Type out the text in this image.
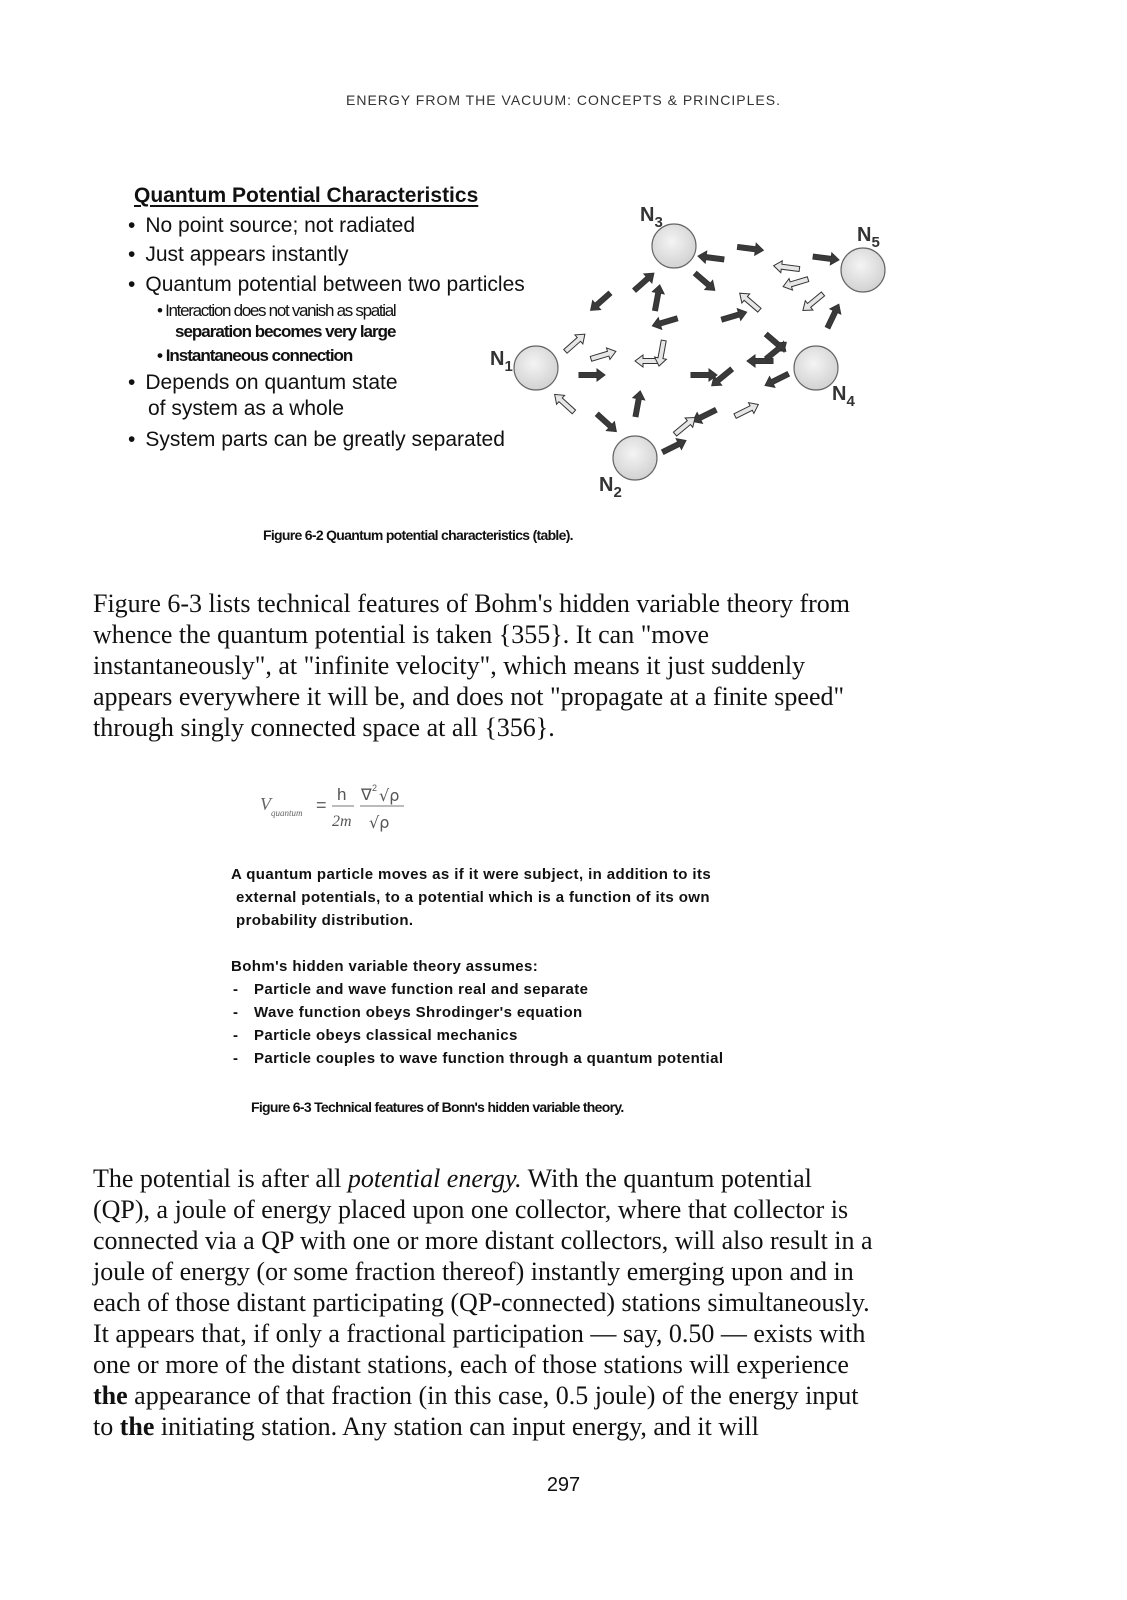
ENERGY FROM THE VACUUM: CONCEPTS & PRINCIPLES.
Quantum Potential Characteristics
• No point source; not radiated
• Just appears instantly
• Quantum potential between two particles
• Interaction does not vanish as spatial
separation becomes very large
• Instantaneous connection
• Depends on quantum state
of system as a whole
• System parts can be greatly separated
$N_3$
$N_5$
$N_1$
$N_4$
$N_2$
Figure 6-2 Quantum potential characteristics (table).

Figure 6-3 lists technical features of Bohm's hidden variable theory from

whence the quantum potential is taken {355}. It can "move

instantaneously", at "infinite velocity", which means it just suddenly

appears everywhere it will be, and does not "propagate at a finite speed"

through singly connected space at all {356}.

V quantum =
h
2m
∇ 2 √ρ
√ρ
A quantum particle moves as if it were subject, in addition to its
external potentials, to a potential which is a function of its own
probability distribution.
Bohm's hidden variable theory assumes:
- Particle and wave function real and separate
- Wave function obeys Shrodinger's equation
- Particle obeys classical mechanics
- Particle couples to wave function through a quantum potential
Figure 6-3 Technical features of Bonn's hidden variable theory.

The potential is after all potential energy. With the quantum potential

(QP), a joule of energy placed upon one collector, where that collector is

connected via a QP with one or more distant collectors, will also result in a

joule of energy (or some fraction thereof) instantly emerging upon and in

each of those distant participating (QP-connected) stations simultaneously.

It appears that, if only a fractional participation — say, 0.50 — exists with

one or more of the distant stations, each of those stations will experience

the appearance of that fraction (in this case, 0.5 joule) of the energy input

to the initiating station. Any station can input energy, and it will

297
